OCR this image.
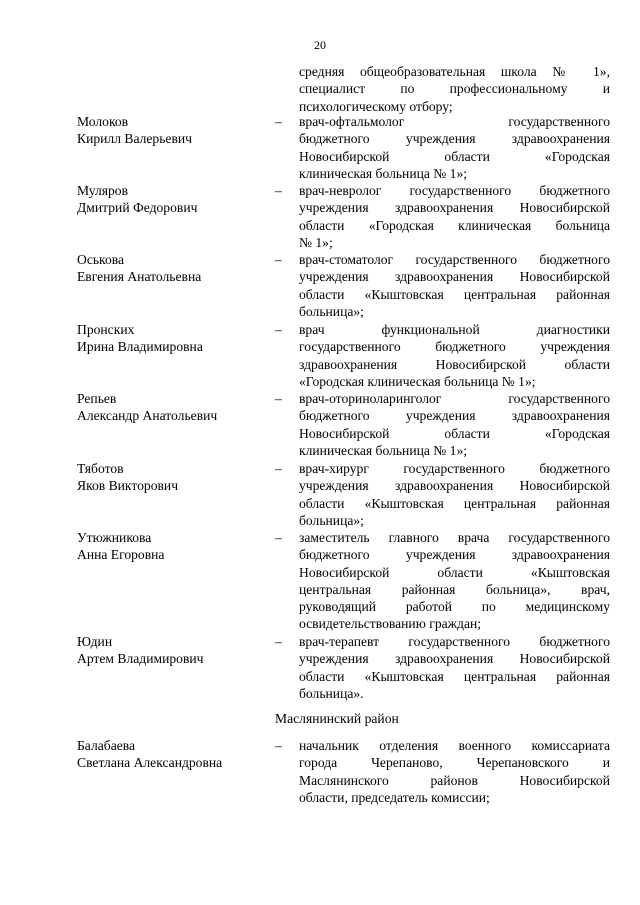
20
средняя общеобразовательная школа № 1»,
специалист по профессиональному и
психологическому отбору;
Молоков
Кирилл Валерьевич
– врач-офтальмолог государственного
бюджетного учреждения здравоохранения
Новосибирской области «Городская
клиническая больница № 1»;
Муляров
Дмитрий Федорович
– врач-невролог государственного бюджетного
учреждения здравоохранения Новосибирской
области «Городская клиническая больница
№ 1»;
Оськова
Евгения Анатольевна
– врач-стоматолог государственного бюджетного
учреждения здравоохранения Новосибирской
области «Кыштовская центральная районная
больница»;
Пронских
Ирина Владимировна
– врач функциональной диагностики
государственного бюджетного учреждения
здравоохранения Новосибирской области
«Городская клиническая больница № 1»;
Репьев
Александр Анатольевич
– врач-оториноларинголог государственного
бюджетного учреждения здравоохранения
Новосибирской области «Городская
клиническая больница № 1»;
Тяботов
Яков Викторович
– врач-хирург государственного бюджетного
учреждения здравоохранения Новосибирской
области «Кыштовская центральная районная
больница»;
Утюжникова
Анна Егоровна
– заместитель главного врача государственного
бюджетного учреждения здравоохранения
Новосибирской области «Кыштовская
центральная районная больница», врач,
руководящий работой по медицинскому
освидетельствованию граждан;
Юдин
Артем Владимирович
– врач-терапевт государственного бюджетного
учреждения здравоохранения Новосибирской
области «Кыштовская центральная районная
больница».
Маслянинский район
Балабаева
Светлана Александровна
– начальник отделения военного комиссариата
города Черепаново, Черепановского и
Маслянинского районов Новосибирской
области, председатель комиссии;
